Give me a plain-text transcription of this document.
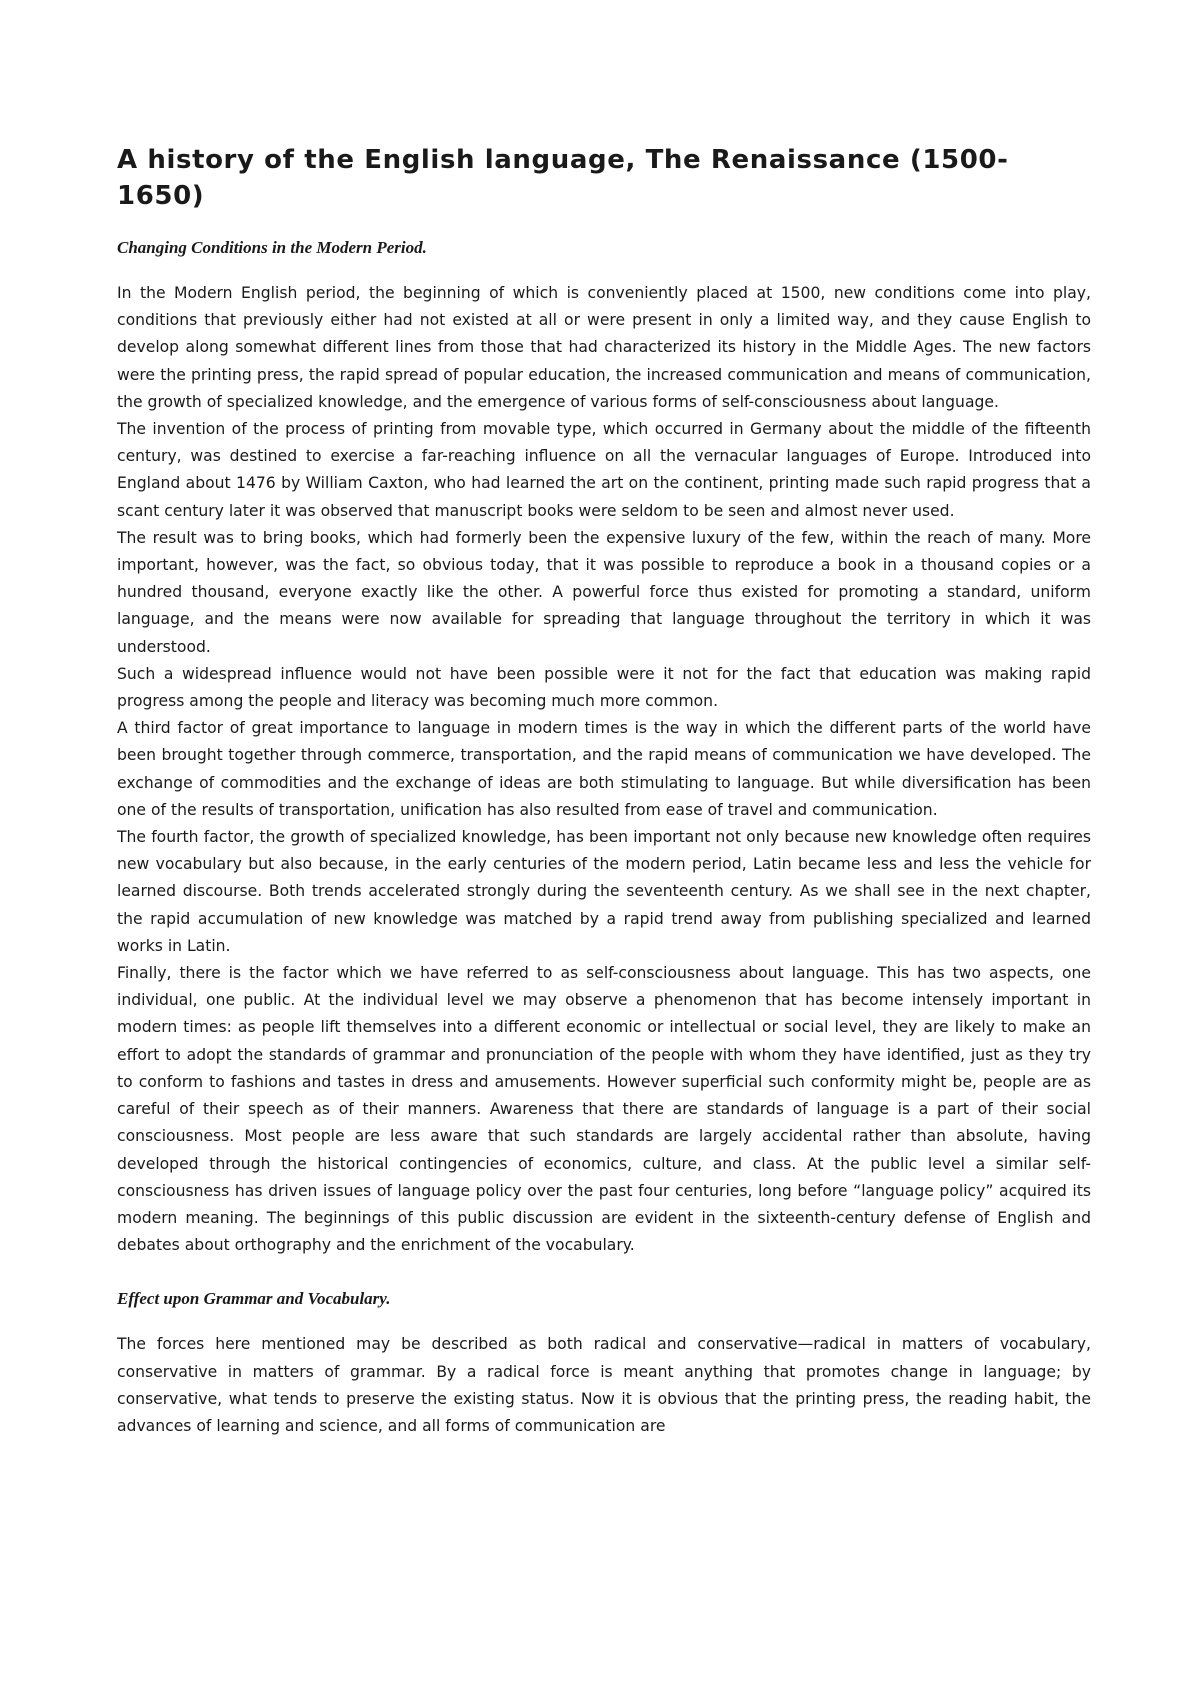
A history of the English language, The Renaissance (1500-1650)
Changing Conditions in the Modern Period.

In the Modern English period, the beginning of which is conveniently placed at 1500, new conditions come into play, conditions that previously either had not existed at all or were present in only a limited way, and they cause English to develop along somewhat different lines from those that had characterized its history in the Middle Ages. The new factors were the printing press, the rapid spread of popular education, the increased communication and means of communication, the growth of specialized knowledge, and the emergence of various forms of self-consciousness about language.

The invention of the process of printing from movable type, which occurred in Germany about the middle of the fifteenth century, was destined to exercise a far-reaching influence on all the vernacular languages of Europe. Introduced into England about 1476 by William Caxton, who had learned the art on the continent, printing made such rapid progress that a scant century later it was observed that manuscript books were seldom to be seen and almost never used.

The result was to bring books, which had formerly been the expensive luxury of the few, within the reach of many. More important, however, was the fact, so obvious today, that it was possible to reproduce a book in a thousand copies or a hundred thousand, everyone exactly like the other. A powerful force thus existed for promoting a standard, uniform language, and the means were now available for spreading that language throughout the territory in which it was understood.

Such a widespread influence would not have been possible were it not for the fact that education was making rapid progress among the people and literacy was becoming much more common.

A third factor of great importance to language in modern times is the way in which the different parts of the world have been brought together through commerce, transportation, and the rapid means of communication we have developed. The exchange of commodities and the exchange of ideas are both stimulating to language. But while diversification has been one of the results of transportation, unification has also resulted from ease of travel and communication.

The fourth factor, the growth of specialized knowledge, has been important not only because new knowledge often requires new vocabulary but also because, in the early centuries of the modern period, Latin became less and less the vehicle for learned discourse. Both trends accelerated strongly during the seventeenth century. As we shall see in the next chapter, the rapid accumulation of new knowledge was matched by a rapid trend away from publishing specialized and learned works in Latin.

Finally, there is the factor which we have referred to as self-consciousness about language. This has two aspects, one individual, one public. At the individual level we may observe a phenomenon that has become intensely important in modern times: as people lift themselves into a different economic or intellectual or social level, they are likely to make an effort to adopt the standards of grammar and pronunciation of the people with whom they have identified, just as they try to conform to fashions and tastes in dress and amusements. However superficial such conformity might be, people are as careful of their speech as of their manners. Awareness that there are standards of language is a part of their social consciousness. Most people are less aware that such standards are largely accidental rather than absolute, having developed through the historical contingencies of economics, culture, and class. At the public level a similar self-consciousness has driven issues of language policy over the past four centuries, long before “language policy” acquired its modern meaning. The beginnings of this public discussion are evident in the sixteenth-century defense of English and debates about orthography and the enrichment of the vocabulary.

Effect upon Grammar and Vocabulary.

The forces here mentioned may be described as both radical and conservative—radical in matters of vocabulary, conservative in matters of grammar. By a radical force is meant anything that promotes change in language; by conservative, what tends to preserve the existing status. Now it is obvious that the printing press, the reading habit, the advances of learning and science, and all forms of communication are
